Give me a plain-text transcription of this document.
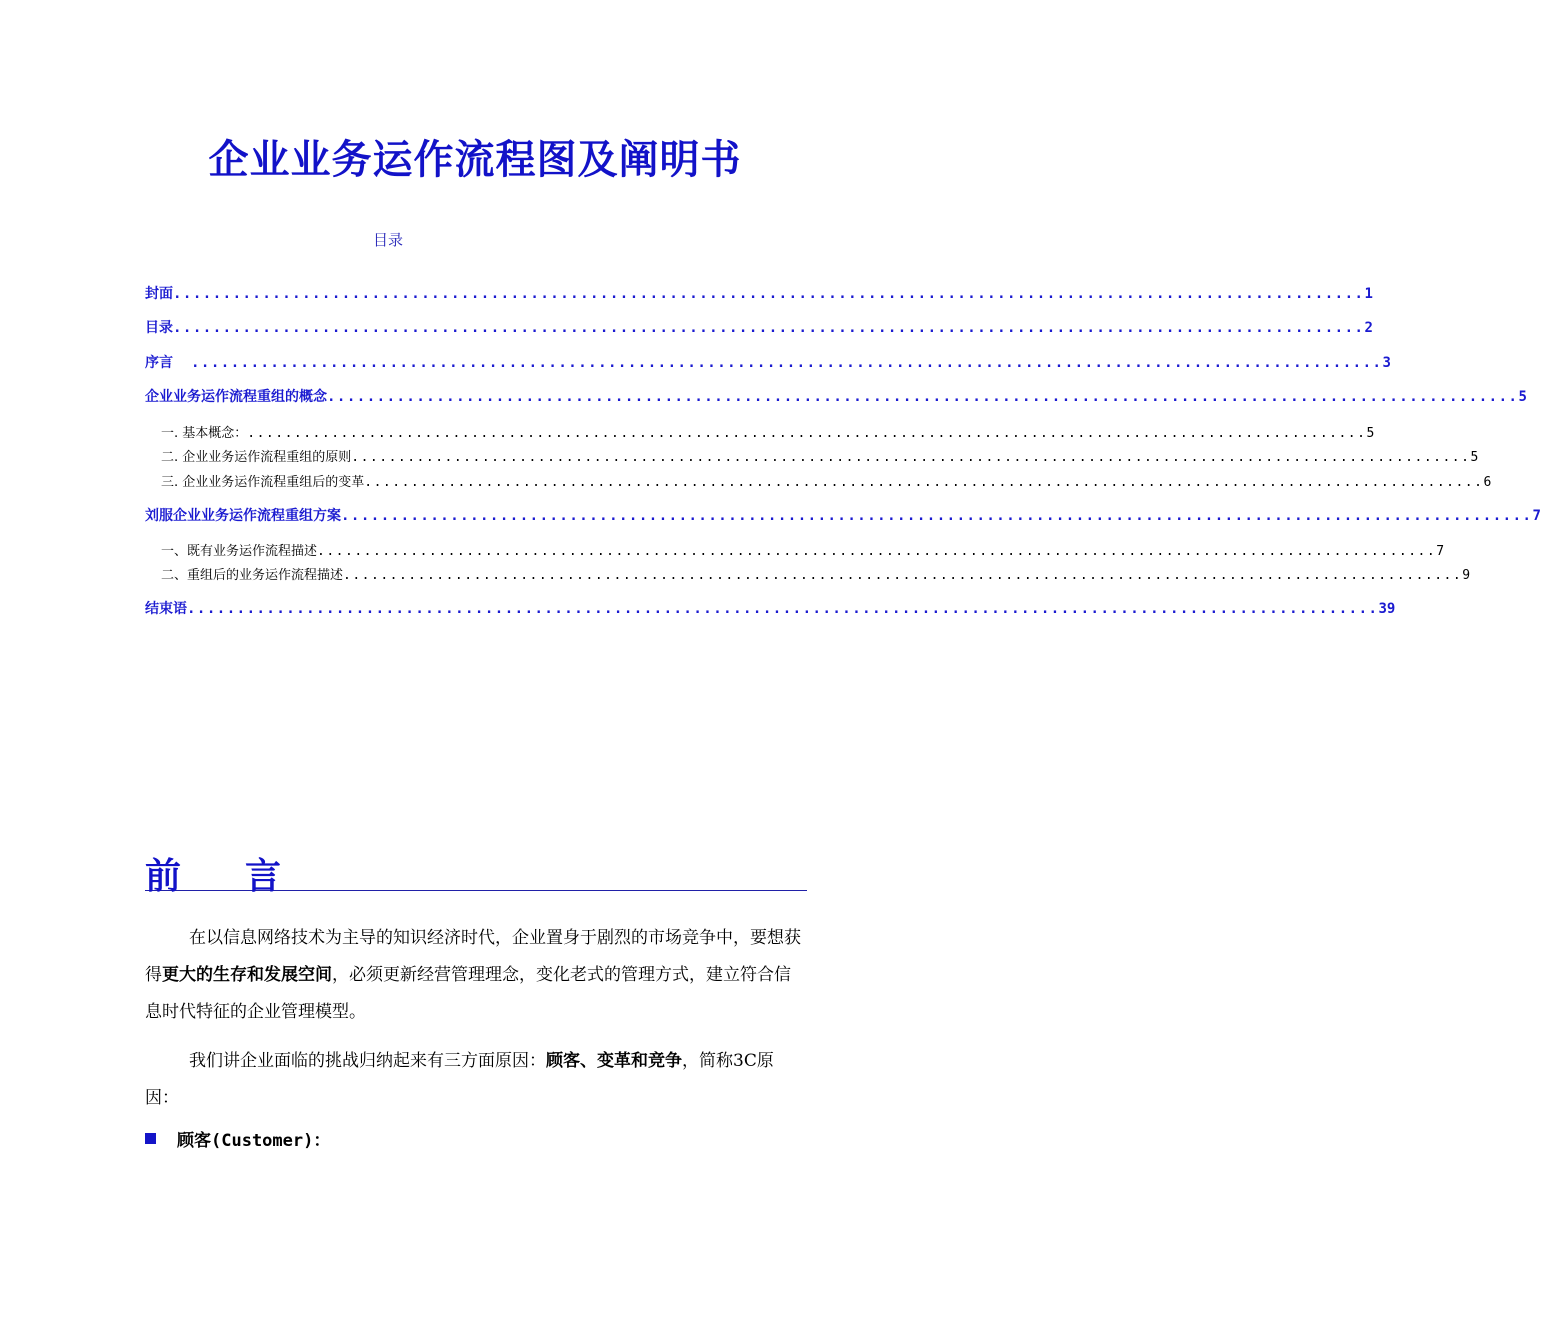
企业业务运作流程图及阐明书
目录
封面 ........................................................................................................................ 1
目录 ........................................................................................................................ 2
序言 ........................................................................................................................ 3
企业业务运作流程重组的概念 ........................................................................................................................ 5
一. 基本概念： ........................................................................................................................ 5
二. 企业业务运作流程重组的原则 ........................................................................................................................ 5
三. 企业业务运作流程重组后的变革 ........................................................................................................................ 6
刘服企业业务运作流程重组方案 ........................................................................................................................ 7
一、既有业务运作流程描述 ........................................................................................................................ 7
二、重组后的业务运作流程描述 ........................................................................................................................ 9
结束语 ........................................................................................................................ 39
前 言

在以信息网络技术为主导的知识经济时代，企业置身于剧烈的市场竞争中，要想获得更大的生存和发展空间，必须更新经营管理理念，变化老式的管理方式，建立符合信息时代特征的企业管理模型。

我们讲企业面临的挑战归纳起来有三方面原因：顾客、变革和竞争，简称3C原因：

顾客(Customer)：
